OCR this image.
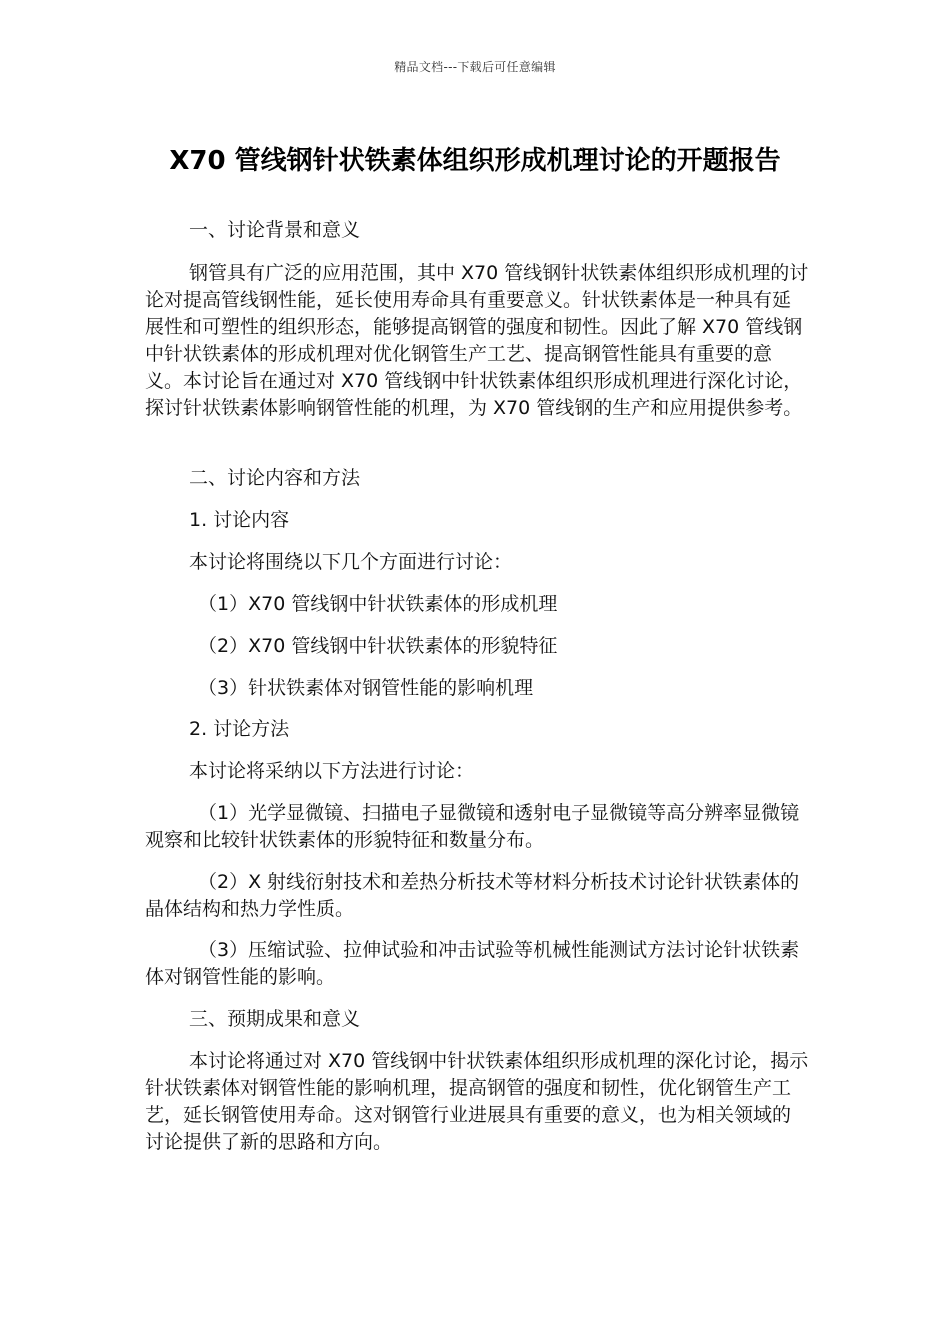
精品文档---下载后可任意编辑
X70 管线钢针状铁素体组织形成机理讨论的开题报告

一、讨论背景和意义

钢管具有广泛的应用范围，其中 X70 管线钢针状铁素体组织形成机理的讨论对提高管线钢性能，延长使用寿命具有重要意义。针状铁素体是一种具有延展性和可塑性的组织形态，能够提高钢管的强度和韧性。因此了解 X70 管线钢中针状铁素体的形成机理对优化钢管生产工艺、提高钢管性能具有重要的意义。本讨论旨在通过对 X70 管线钢中针状铁素体组织形成机理进行深化讨论，探讨针状铁素体影响钢管性能的机理，为 X70 管线钢的生产和应用提供参考。

二、讨论内容和方法

1. 讨论内容

本讨论将围绕以下几个方面进行讨论：

（1）X70 管线钢中针状铁素体的形成机理

（2）X70 管线钢中针状铁素体的形貌特征

（3）针状铁素体对钢管性能的影响机理

2. 讨论方法

本讨论将采纳以下方法进行讨论：

（1）光学显微镜、扫描电子显微镜和透射电子显微镜等高分辨率显微镜观察和比较针状铁素体的形貌特征和数量分布。

（2）X 射线衍射技术和差热分析技术等材料分析技术讨论针状铁素体的晶体结构和热力学性质。

（3）压缩试验、拉伸试验和冲击试验等机械性能测试方法讨论针状铁素体对钢管性能的影响。

三、预期成果和意义

本讨论将通过对 X70 管线钢中针状铁素体组织形成机理的深化讨论，揭示针状铁素体对钢管性能的影响机理，提高钢管的强度和韧性，优化钢管生产工艺，延长钢管使用寿命。这对钢管行业进展具有重要的意义，也为相关领域的讨论提供了新的思路和方向。
